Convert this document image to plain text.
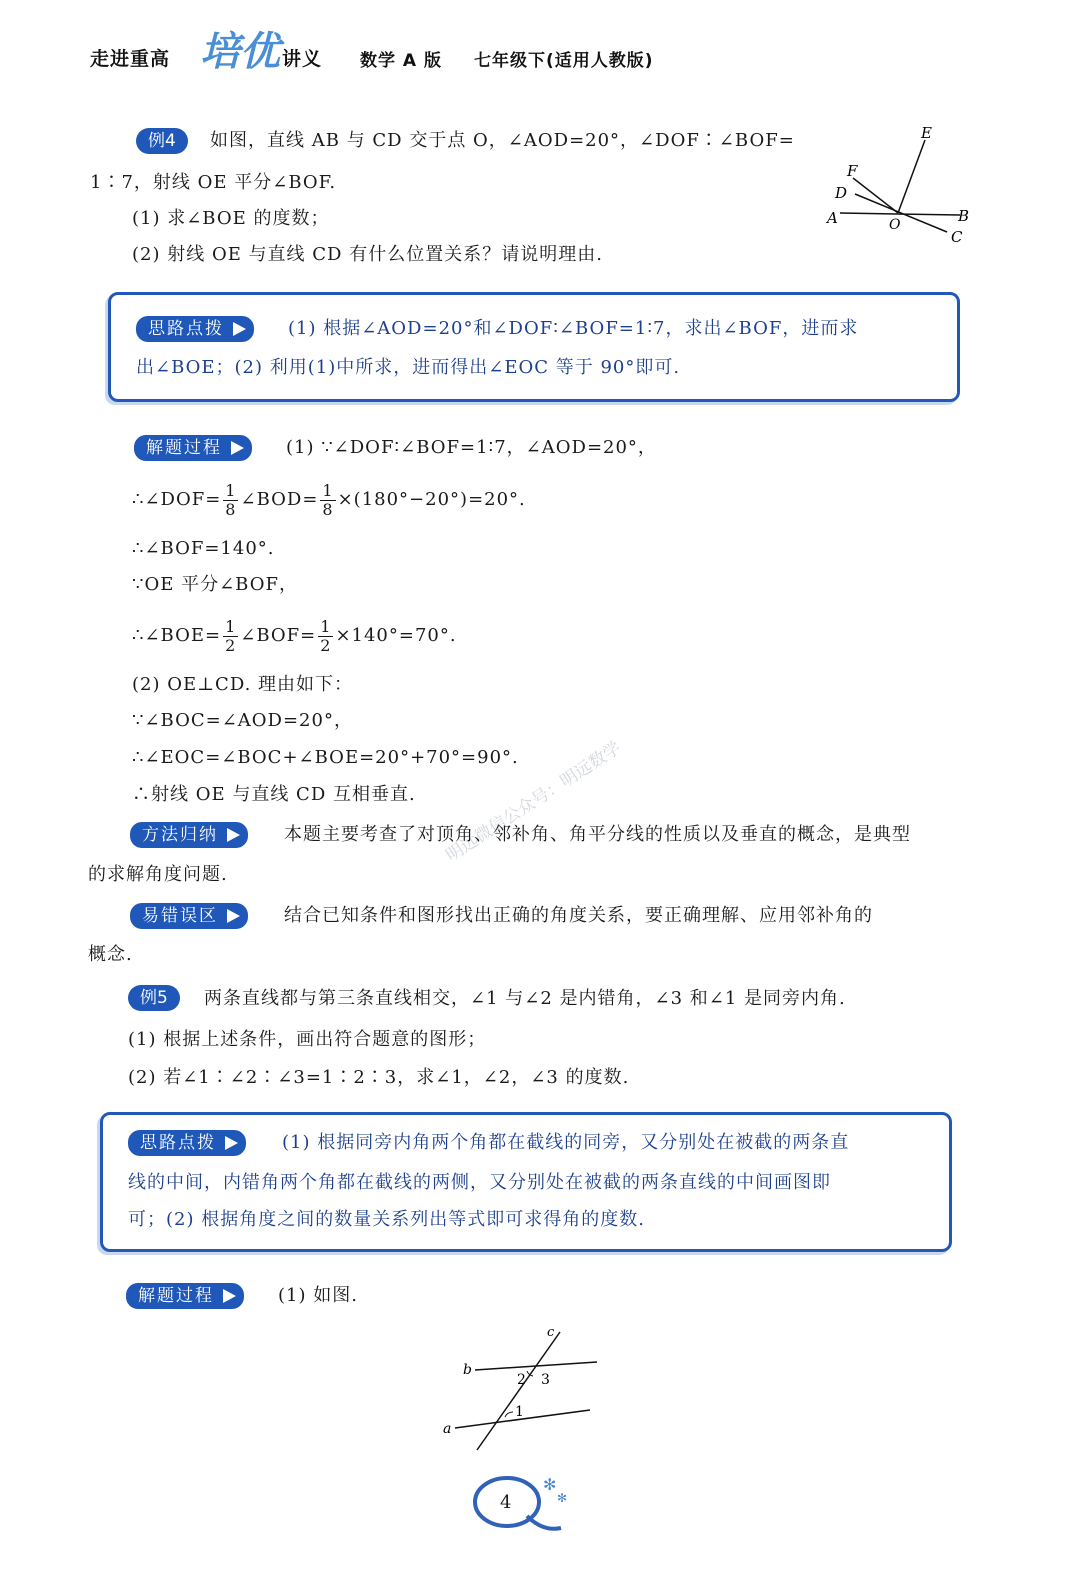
走进重高 培优 讲义 数学 A 版 七年级下(适用人教版)
例4	如图，直线 AB 与 CD 交于点 O，∠AOD=20°，∠DOF∶∠BOF=
1∶7，射线 OE 平分∠BOF.
(1) 求∠BOE 的度数；
(2) 射线 OE 与直线 CD 有什么位置关系？请说明理由.
E
F
D
A	O	B
C
思路点拨	(1) 根据∠AOD=20°和∠DOF∶∠BOF=1∶7，求出∠BOF，进而求
出∠BOE；(2) 利用(1)中所求，进而得出∠EOC 等于 90°即可.
解题过程	(1) ∵∠DOF∶∠BOF=1∶7，∠AOD=20°，
∴∠DOF= $\frac{1}{8}$ ∠BOD= $\frac{1}{8} \times(180^\circ-20^\circ)=20^\circ$.
∴∠BOF=140°.
∵OE 平分∠BOF，
∴∠BOE= $\frac{1}{2}$ ∠BOF= $\frac{1}{2} \times 140^\circ=70^\circ$.
(2) OE⊥CD. 理由如下：
∵∠BOC=∠AOD=20°，
∴∠EOC=∠BOC+∠BOE=20°+70°=90°.
∴射线 OE 与直线 CD 互相垂直. 明远微信公众号：明远数学
方法归纳	本题主要考查了对顶角、邻补角、角平分线的性质以及垂直的概念，是典型
的求解角度问题.
易错误区	结合已知条件和图形找出正确的角度关系，要正确理解、应用邻补角的
概念.
例5	两条直线都与第三条直线相交，∠1 与∠2 是内错角，∠3 和∠1 是同旁内角.
(1) 根据上述条件，画出符合题意的图形；
(2) 若∠1∶∠2∶∠3=1∶2∶3，求∠1，∠2，∠3 的度数.
思路点拨	(1) 根据同旁内角两个角都在截线的同旁，又分别处在被截的两条直
线的中间，内错角两个角都在截线的两侧，又分别处在被截的两条直线的中间画图即
可；(2) 根据角度之间的数量关系列出等式即可求得角的度数.
解题过程	(1) 如图.
c
b
a
2 3
1
✻
✻
4
